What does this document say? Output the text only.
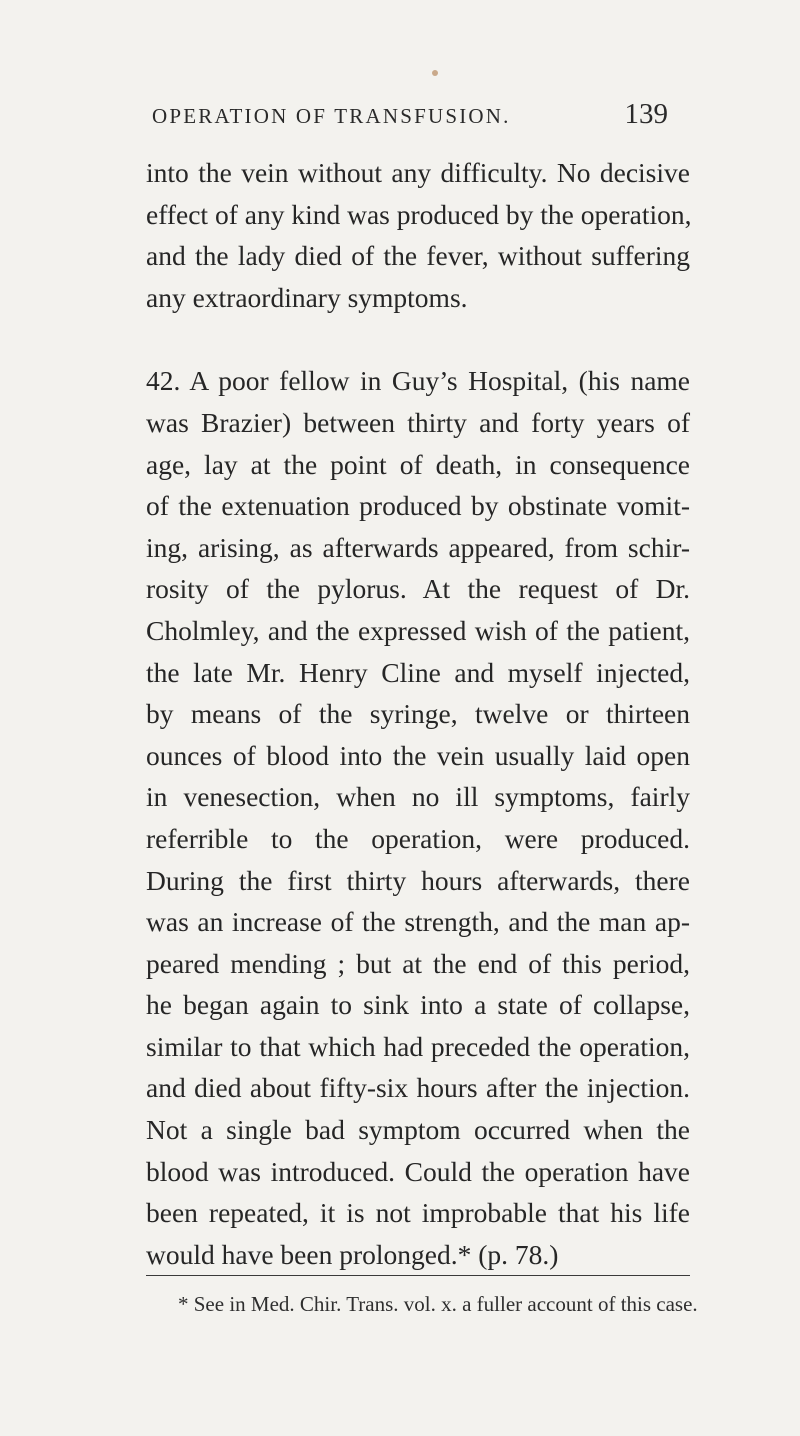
OPERATION OF TRANSFUSION.	139
into the vein without any difficulty. No decisive
effect of any kind was produced by the operation,
and the lady died of the fever, without suffering
any extraordinary symptoms.
42. A poor fellow in Guy’s Hospital, (his name
was Brazier) between thirty and forty years of
age, lay at the point of death, in consequence
of the extenuation produced by obstinate vomit-
ing, arising, as afterwards appeared, from schir-
rosity of the pylorus. At the request of Dr.
Cholmley, and the expressed wish of the patient,
the late Mr. Henry Cline and myself injected,
by means of the syringe, twelve or thirteen
ounces of blood into the vein usually laid open
in venesection, when no ill symptoms, fairly
referrible to the operation, were produced.
During the first thirty hours afterwards, there
was an increase of the strength, and the man ap-
peared mending ; but at the end of this period,
he began again to sink into a state of collapse,
similar to that which had preceded the operation,
and died about fifty-six hours after the injection.
Not a single bad symptom occurred when the
blood was introduced. Could the operation have
been repeated, it is not improbable that his life
would have been prolonged.* (p. 78.)
* See in Med. Chir. Trans. vol. x. a fuller account of this case.
